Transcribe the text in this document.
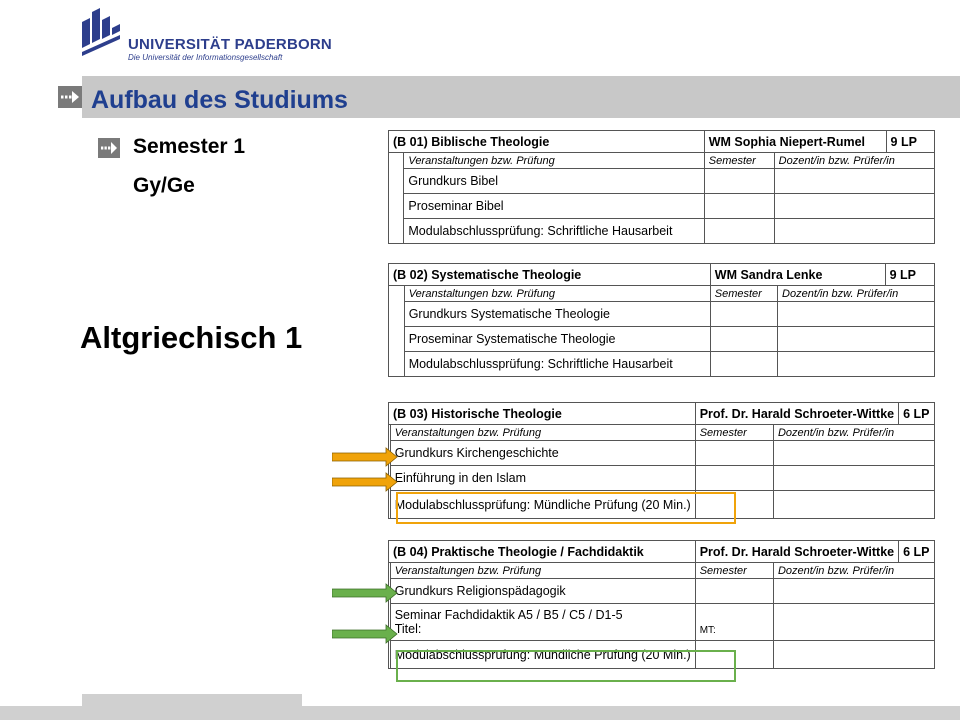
UNIVERSITÄT PADERBORN
Die Universität der Informationsgesellschaft
Aufbau des Studiums
Semester 1
Gy/Ge
Altgriechisch 1
(B 01) Biblische Theologie		WM Sophia Niepert-Rumel		9 LP
	Veranstaltungen bzw. Prüfung	Semester	Dozent/in bzw. Prüfer/in	
	Grundkurs Bibel			
	Proseminar Bibel			
	Modulabschlussprüfung: Schriftliche Hausarbeit			
(B 02) Systematische Theologie		WM Sandra Lenke		9 LP
	Veranstaltungen bzw. Prüfung	Semester	Dozent/in bzw. Prüfer/in	
	Grundkurs Systematische Theologie			
	Proseminar Systematische Theologie			
	Modulabschlussprüfung: Schriftliche Hausarbeit			
(B 03) Historische Theologie		Prof. Dr. Harald Schroeter-Wittke		6 LP
	Veranstaltungen bzw. Prüfung	Semester	Dozent/in bzw. Prüfer/in	
	Grundkurs Kirchengeschichte			
	Einführung in den Islam			
	Modulabschlussprüfung: Mündliche Prüfung (20 Min.)			
(B 04) Praktische Theologie / Fachdidaktik		Prof. Dr. Harald Schroeter-Wittke		6 LP
	Veranstaltungen bzw. Prüfung	Semester	Dozent/in bzw. Prüfer/in	
	Grundkurs Religionspädagogik			
	Seminar Fachdidaktik A5 / B5 / C5 / D1-5
Titel:	$_{MT:}$	
	Modulabschlussprüfung: Mündliche Prüfung (20 Min.)			
